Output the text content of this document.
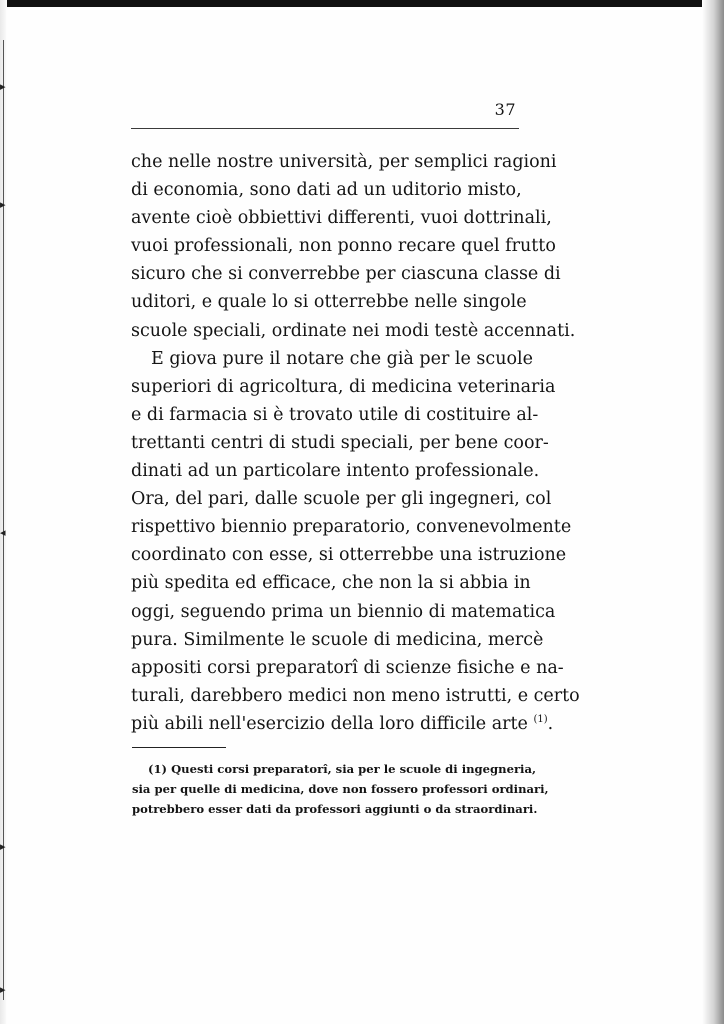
▸
▸
◂
▸
▸
37
che nelle nostre università, per semplici ragioni
di economia, sono dati ad un uditorio misto,
avente cioè obbiettivi differenti, vuoi dottrinali,
vuoi professionali, non ponno recare quel frutto
sicuro che si converrebbe per ciascuna classe di
uditori, e quale lo si otterrebbe nelle singole
scuole speciali, ordinate nei modi testè accennati.
E giova pure il notare che già per le scuole
superiori di agricoltura, di medicina veterinaria
e di farmacia si è trovato utile di costituire al-
trettanti centri di studi speciali, per bene coor-
dinati ad un particolare intento professionale.
Ora, del pari, dalle scuole per gli ingegneri, col
rispettivo biennio preparatorio, convenevolmente
coordinato con esse, si otterrebbe una istruzione
più spedita ed efficace, che non la si abbia in
oggi, seguendo prima un biennio di matematica
pura. Similmente le scuole di medicina, mercè
appositi corsi preparatorî di scienze fisiche e na-
turali, darebbero medici non meno istrutti, e certo
più abili nell'esercizio della loro difficile arte $^{(1)}$.
(1) Questi corsi preparatorî, sia per le scuole di ingegneria,
sia per quelle di medicina, dove non fossero professori ordinari,
potrebbero esser dati da professori aggiunti o da straordinari.
